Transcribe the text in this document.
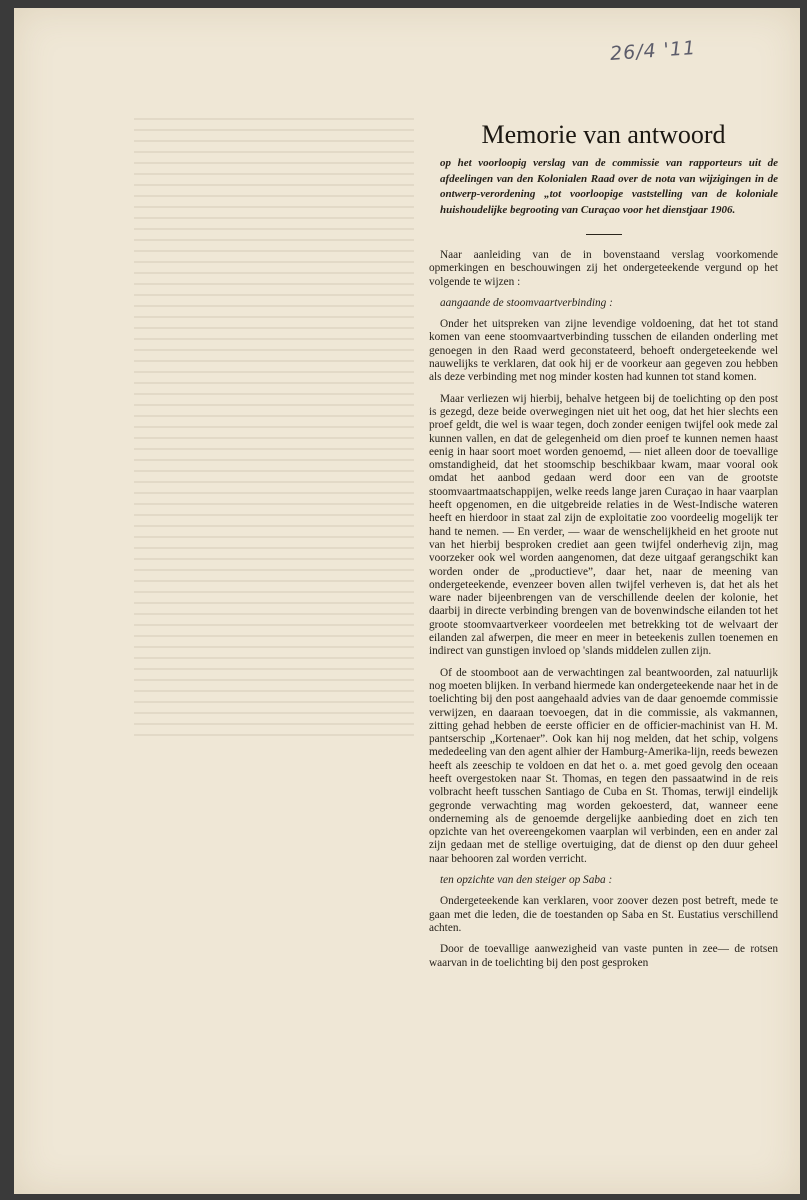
26/4 '11
Memorie van antwoord

op het voorloopig verslag van de commissie van rapporteurs uit de afdeelingen van den Kolonialen Raad over de nota van wijzigingen in de ontwerp-verordening „tot voorloopige vaststelling van de koloniale huishoudelijke begrooting van Curaçao voor het dienstjaar 1906.

Naar aanleiding van de in bovenstaand verslag voorkomende opmerkingen en beschouwingen zij het ondergeteekende vergund op het volgende te wijzen :

aangaande de stoomvaartverbinding :

Onder het uitspreken van zijne levendige voldoening, dat het tot stand komen van eene stoomvaartverbinding tusschen de eilanden onderling met genoegen in den Raad werd geconstateerd, behoeft ondergeteekende wel nauwelijks te verklaren, dat ook hij er de voorkeur aan gegeven zou hebben als deze verbinding met nog minder kosten had kunnen tot stand komen.

Maar verliezen wij hierbij, behalve hetgeen bij de toelichting op den post is gezegd, deze beide overwegingen niet uit het oog, dat het hier slechts een proef geldt, die wel is waar tegen, doch zonder eenigen twijfel ook mede zal kunnen vallen, en dat de gelegenheid om dien proef te kunnen nemen haast eenig in haar soort moet worden genoemd, — niet alleen door de toevallige omstandigheid, dat het stoomschip beschikbaar kwam, maar vooral ook omdat het aanbod gedaan werd door een van de grootste stoomvaartmaatschappijen, welke reeds lange jaren Curaçao in haar vaarplan heeft opgenomen, en die uitgebreide relaties in de West-Indische wateren heeft en hierdoor in staat zal zijn de exploitatie zoo voordeelig mogelijk ter hand te nemen. — En verder, — waar de wenschelijkheid en het groote nut van het hierbij besproken crediet aan geen twijfel onderhevig zijn, mag voorzeker ook wel worden aangenomen, dat deze uitgaaf gerangschikt kan worden onder de „productieve”, daar het, naar de meening van ondergeteekende, evenzeer boven allen twijfel verheven is, dat het als het ware nader bijeenbrengen van de verschillende deelen der kolonie, het daarbij in directe verbinding brengen van de bovenwindsche eilanden tot het groote stoomvaartverkeer voordeelen met betrekking tot de welvaart der eilanden zal afwerpen, die meer en meer in beteekenis zullen toenemen en indirect van gunstigen invloed op 'slands middelen zullen zijn.

Of de stoomboot aan de verwachtingen zal beantwoorden, zal natuurlijk nog moeten blijken. In verband hiermede kan ondergeteekende naar het in de toelichting bij den post aangehaald advies van de daar genoemde commissie verwijzen, en daaraan toevoegen, dat in die commissie, als vakmannen, zitting gehad hebben de eerste officier en de officier-machinist van H. M. pantserschip „Kortenaer”. Ook kan hij nog melden, dat het schip, volgens mededeeling van den agent alhier der Hamburg-Amerika-lijn, reeds bewezen heeft als zeeschip te voldoen en dat het o. a. met goed gevolg den oceaan heeft overgestoken naar St. Thomas, en tegen den passaatwind in de reis volbracht heeft tusschen Santiago de Cuba en St. Thomas, terwijl eindelijk gegronde verwachting mag worden gekoesterd, dat, wanneer eene onderneming als de genoemde dergelijke aanbieding doet en zich ten opzichte van het overeengekomen vaarplan wil verbinden, een en ander zal zijn gedaan met de stellige overtuiging, dat de dienst op den duur geheel naar behooren zal worden verricht.

ten opzichte van den steiger op Saba :

Ondergeteekende kan verklaren, voor zoover dezen post betreft, mede te gaan met die leden, die de toestanden op Saba en St. Eustatius verschillend achten.

Door de toevallige aanwezigheid van vaste punten in zee— de rotsen waarvan in de toelichting bij den post gesproken
